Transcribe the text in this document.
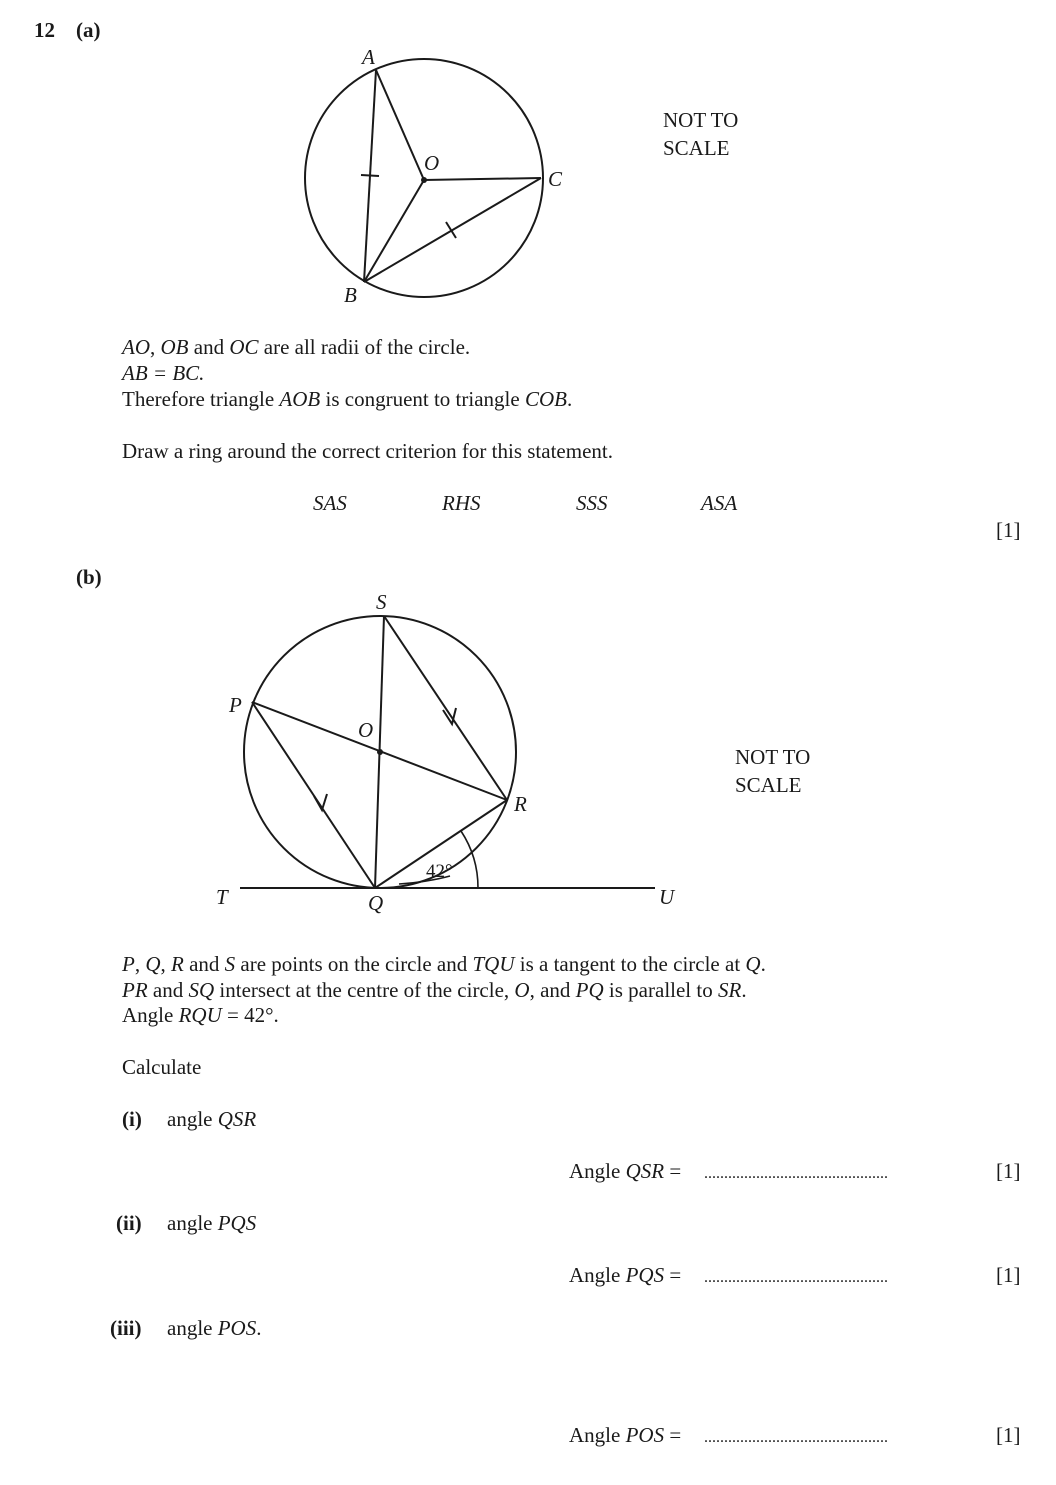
12 (a)
A
O
C
B
NOT TO
SCALE
AO, OB and OC are all radii of the circle.
AB = BC.
Therefore triangle AOB is congruent to triangle COB.
Draw a ring around the correct criterion for this statement.
SAS	RHS	SSS	ASA
[1]
(b)
S
P
O
R
T	Q	U
42°
NOT TO
SCALE
P, Q, R and S are points on the circle and TQU is a tangent to the circle at Q.
PR and SQ intersect at the centre of the circle, O, and PQ is parallel to SR.
Angle RQU = 42°.
Calculate
(i) angle QSR
Angle QSR = ..............................................	[1]
(ii) angle PQS
Angle PQS = ..............................................	[1]
(iii) angle POS.
Angle POS = ..............................................	[1]
